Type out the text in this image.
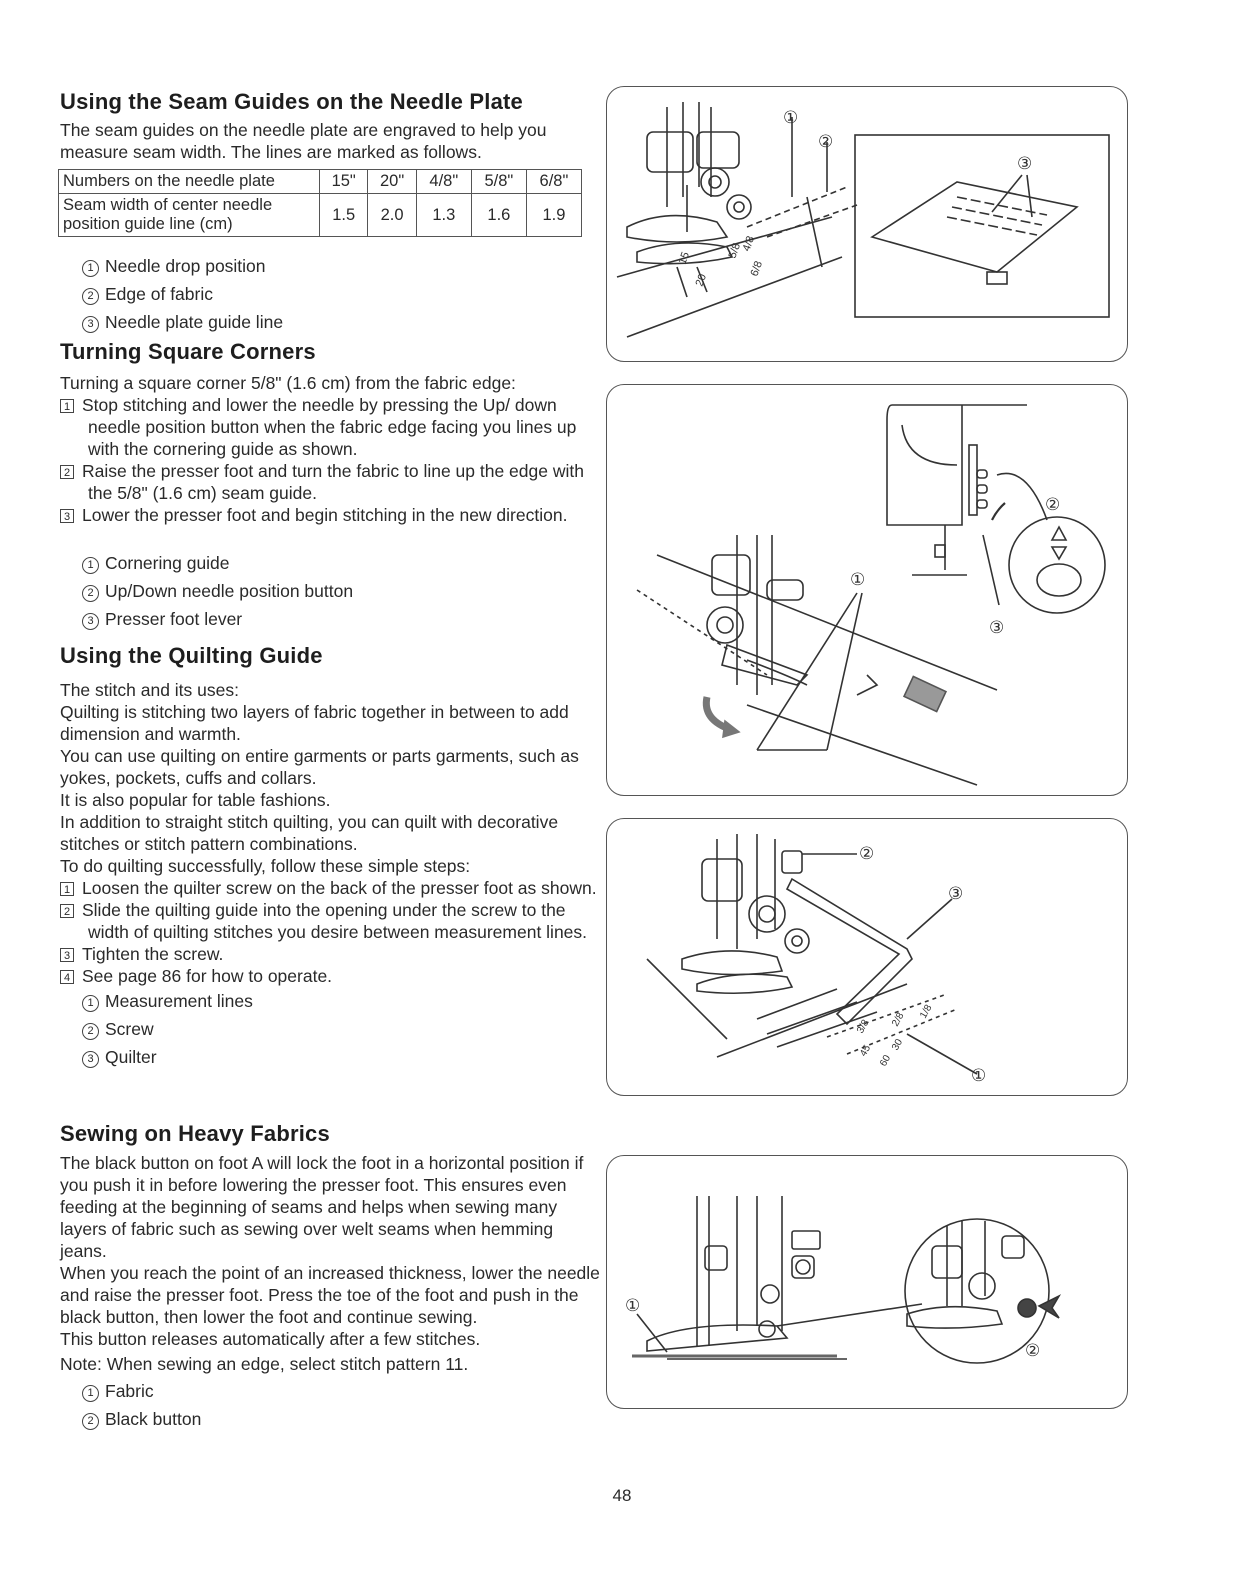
Using the Seam Guides on the Needle Plate

The seam guides on the needle plate are engraved to help you measure seam width. The lines are marked as follows.

Numbers on the needle plate	15"	20"	4/8"	5/8"	6/8"
Seam width of center needle position guide line (cm)	1.5	2.0	1.3	1.6	1.9
1 Needle drop position
2 Edge of fabric
3 Needle plate guide line
Turning Square Corners

Turning a square corner 5/8" (1.6 cm) from the fabric edge:

1 Stop stitching and lower the needle by pressing the Up/ down needle position button when the fabric edge facing you lines up with the cornering guide as shown.
2 Raise the presser foot and turn the fabric to line up the edge with the 5/8" (1.6 cm) seam guide.
3 Lower the presser foot and begin stitching in the new direction.
1 Cornering guide
2 Up/Down needle position button
3 Presser foot lever
Using the Quilting Guide

The stitch and its uses:

Quilting is stitching two layers of fabric together in between to add dimension and warmth.

You can use quilting on entire garments or parts garments, such as yokes, pockets, cuffs and collars.

It is also popular for table fashions.

In addition to straight stitch quilting, you can quilt with decorative stitches or stitch pattern combinations.

To do quilting successfully, follow these simple steps:

1 Loosen the quilter screw on the back of the presser foot as shown.
2 Slide the quilting guide into the opening under the screw to the width of quilting stitches you desire between measurement lines.
3 Tighten the screw.
4 See page 86 for how to operate.
1 Measurement lines
2 Screw
3 Quilter
Sewing on Heavy Fabrics

The black button on foot A will lock the foot in a horizontal position if you push it in before lowering the presser foot. This ensures even feeding at the beginning of seams and helps when sewing many layers of fabric such as sewing over welt seams when hemming jeans.

When you reach the point of an increased thickness, lower the needle and raise the presser foot. Press the toe of the foot and push in the black button, then lower the foot and continue sewing.

This button releases automatically after a few stitches.

Note: When sewing an edge, select stitch pattern 11.

1 Fabric
2 Black button
15
20
5/8
4/8
6/8
①
②
③
②
③
①
45
60
30
3/8 2/8 1/8
②
③
①
①
②
48
